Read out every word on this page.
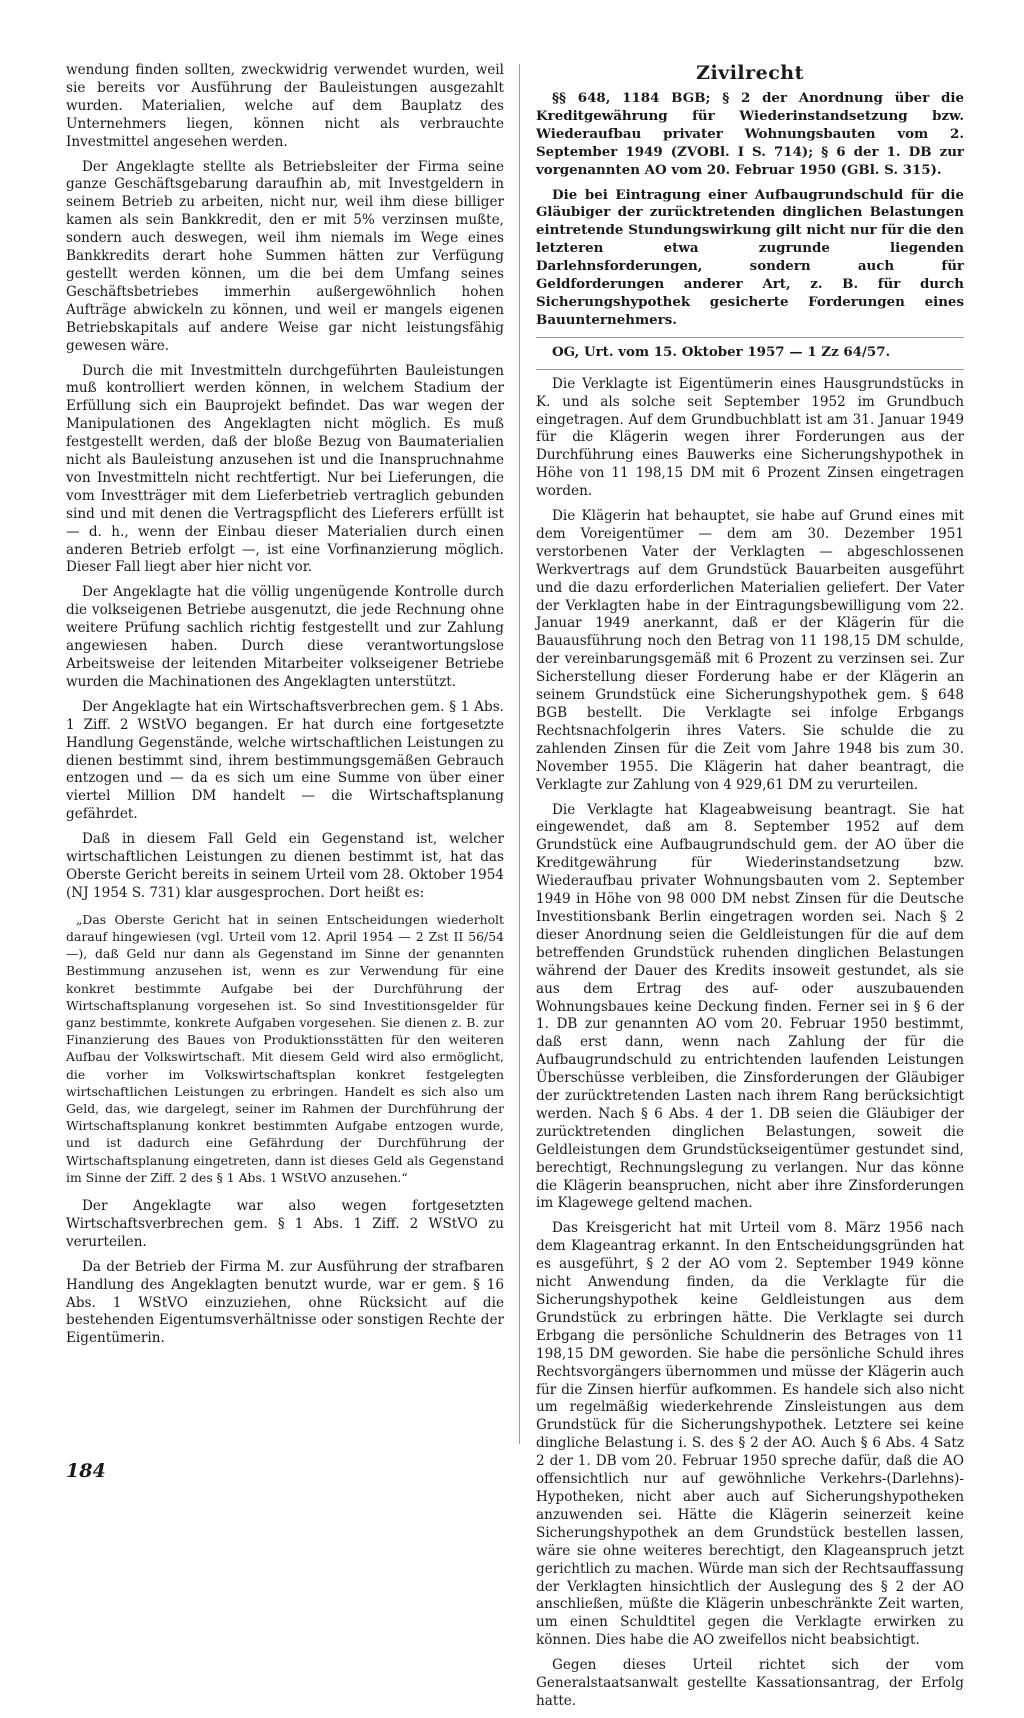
wendung finden sollten, zweckwidrig verwendet wurden, weil sie bereits vor Ausführung der Bauleistungen ausgezahlt wurden. Materialien, welche auf dem Bauplatz des Unternehmers liegen, können nicht als verbrauchte Investmittel angesehen werden.

Der Angeklagte stellte als Betriebsleiter der Firma seine ganze Geschäftsgebarung daraufhin ab, mit Investgeldern in seinem Betrieb zu arbeiten, nicht nur, weil ihm diese billiger kamen als sein Bankkredit, den er mit 5% verzinsen mußte, sondern auch deswegen, weil ihm niemals im Wege eines Bankkredits derart hohe Summen hätten zur Verfügung gestellt werden können, um die bei dem Umfang seines Geschäftsbetriebes immerhin außergewöhnlich hohen Aufträge abwickeln zu können, und weil er mangels eigenen Betriebskapitals auf andere Weise gar nicht leistungsfähig gewesen wäre.

Durch die mit Investmitteln durchgeführten Bauleistungen muß kontrolliert werden können, in welchem Stadium der Erfüllung sich ein Bauprojekt befindet. Das war wegen der Manipulationen des Angeklagten nicht möglich. Es muß festgestellt werden, daß der bloße Bezug von Baumaterialien nicht als Bauleistung anzusehen ist und die Inanspruchnahme von Investmitteln nicht rechtfertigt. Nur bei Lieferungen, die vom Investträger mit dem Lieferbetrieb vertraglich gebunden sind und mit denen die Vertragspflicht des Lieferers erfüllt ist — d. h., wenn der Einbau dieser Materialien durch einen anderen Betrieb erfolgt —, ist eine Vorfinanzierung möglich. Dieser Fall liegt aber hier nicht vor.

Der Angeklagte hat die völlig ungenügende Kontrolle durch die volkseigenen Betriebe ausgenutzt, die jede Rechnung ohne weitere Prüfung sachlich richtig festgestellt und zur Zahlung angewiesen haben. Durch diese verantwortungslose Arbeitsweise der leitenden Mitarbeiter volkseigener Betriebe wurden die Machinationen des Angeklagten unterstützt.

Der Angeklagte hat ein Wirtschaftsverbrechen gem. § 1 Abs. 1 Ziff. 2 WStVO begangen. Er hat durch eine fortgesetzte Handlung Gegenstände, welche wirtschaftlichen Leistungen zu dienen bestimmt sind, ihrem bestimmungsgemäßen Gebrauch entzogen und — da es sich um eine Summe von über einer viertel Million DM handelt — die Wirtschaftsplanung gefährdet.

Daß in diesem Fall Geld ein Gegenstand ist, welcher wirtschaftlichen Leistungen zu dienen bestimmt ist, hat das Oberste Gericht bereits in seinem Urteil vom 28. Oktober 1954 (NJ 1954 S. 731) klar ausgesprochen. Dort heißt es:

„Das Oberste Gericht hat in seinen Entscheidungen wiederholt darauf hingewiesen (vgl. Urteil vom 12. April 1954 — 2 Zst II 56/54 —), daß Geld nur dann als Gegenstand im Sinne der genannten Bestimmung anzusehen ist, wenn es zur Verwendung für eine konkret bestimmte Aufgabe bei der Durchführung der Wirtschaftsplanung vorgesehen ist. So sind Investitionsgelder für ganz bestimmte, konkrete Aufgaben vorgesehen. Sie dienen z. B. zur Finanzierung des Baues von Produktionsstätten für den weiteren Aufbau der Volkswirtschaft. Mit diesem Geld wird also ermöglicht, die vorher im Volkswirtschaftsplan konkret festgelegten wirtschaftlichen Leistungen zu erbringen. Handelt es sich also um Geld, das, wie dargelegt, seiner im Rahmen der Durchführung der Wirtschaftsplanung konkret bestimmten Aufgabe entzogen wurde, und ist dadurch eine Gefährdung der Durchführung der Wirtschaftsplanung eingetreten, dann ist dieses Geld als Gegenstand im Sinne der Ziff. 2 des § 1 Abs. 1 WStVO anzusehen.“

Der Angeklagte war also wegen fortgesetzten Wirtschaftsverbrechen gem. § 1 Abs. 1 Ziff. 2 WStVO zu verurteilen.

Da der Betrieb der Firma M. zur Ausführung der strafbaren Handlung des Angeklagten benutzt wurde, war er gem. § 16 Abs. 1 WStVO einzuziehen, ohne Rücksicht auf die bestehenden Eigentumsverhältnisse oder sonstigen Rechte der Eigentümerin.

Zivilrecht

§§ 648, 1184 BGB; § 2 der Anordnung über die Kreditgewährung für Wiederinstandsetzung bzw. Wiederaufbau privater Wohnungsbauten vom 2. September 1949 (ZVOBl. I S. 714); § 6 der 1. DB zur vorgenannten AO vom 20. Februar 1950 (GBl. S. 315).

Die bei Eintragung einer Aufbaugrundschuld für die Gläubiger der zurücktretenden dinglichen Belastungen eintretende Stundungswirkung gilt nicht nur für die den letzteren etwa zugrunde liegenden Darlehnsforderungen, sondern auch für Geldforderungen anderer Art, z. B. für durch Sicherungshypothek gesicherte Forderungen eines Bauunternehmers.

OG, Urt. vom 15. Oktober 1957 — 1 Zz 64/57.

Die Verklagte ist Eigentümerin eines Hausgrundstücks in K. und als solche seit September 1952 im Grundbuch eingetragen. Auf dem Grundbuchblatt ist am 31. Januar 1949 für die Klägerin wegen ihrer Forderungen aus der Durchführung eines Bauwerks eine Sicherungshypothek in Höhe von 11 198,15 DM mit 6 Prozent Zinsen eingetragen worden.

Die Klägerin hat behauptet, sie habe auf Grund eines mit dem Voreigentümer — dem am 30. Dezember 1951 verstorbenen Vater der Verklagten — abgeschlossenen Werkvertrags auf dem Grundstück Bauarbeiten ausgeführt und die dazu erforderlichen Materialien geliefert. Der Vater der Verklagten habe in der Eintragungsbewilligung vom 22. Januar 1949 anerkannt, daß er der Klägerin für die Bauausführung noch den Betrag von 11 198,15 DM schulde, der vereinbarungsgemäß mit 6 Prozent zu verzinsen sei. Zur Sicherstellung dieser Forderung habe er der Klägerin an seinem Grundstück eine Sicherungshypothek gem. § 648 BGB bestellt. Die Verklagte sei infolge Erbgangs Rechtsnachfolgerin ihres Vaters. Sie schulde die zu zahlenden Zinsen für die Zeit vom Jahre 1948 bis zum 30. November 1955. Die Klägerin hat daher beantragt, die Verklagte zur Zahlung von 4 929,61 DM zu verurteilen.

Die Verklagte hat Klageabweisung beantragt. Sie hat eingewendet, daß am 8. September 1952 auf dem Grundstück eine Aufbaugrundschuld gem. der AO über die Kreditgewährung für Wiederinstandsetzung bzw. Wiederaufbau privater Wohnungsbauten vom 2. September 1949 in Höhe von 98 000 DM nebst Zinsen für die Deutsche Investitionsbank Berlin eingetragen worden sei. Nach § 2 dieser Anordnung seien die Geldleistungen für die auf dem betreffenden Grundstück ruhenden dinglichen Belastungen während der Dauer des Kredits insoweit gestundet, als sie aus dem Ertrag des auf- oder auszubauenden Wohnungsbaues keine Deckung finden. Ferner sei in § 6 der 1. DB zur genannten AO vom 20. Februar 1950 bestimmt, daß erst dann, wenn nach Zahlung der für die Aufbaugrundschuld zu entrichtenden laufenden Leistungen Überschüsse verbleiben, die Zinsforderungen der Gläubiger der zurücktretenden Lasten nach ihrem Rang berücksichtigt werden. Nach § 6 Abs. 4 der 1. DB seien die Gläubiger der zurücktretenden dinglichen Belastungen, soweit die Geldleistungen dem Grundstückseigentümer gestundet sind, berechtigt, Rechnungslegung zu verlangen. Nur das könne die Klägerin beanspruchen, nicht aber ihre Zinsforderungen im Klagewege geltend machen.

Das Kreisgericht hat mit Urteil vom 8. März 1956 nach dem Klageantrag erkannt. In den Entscheidungsgründen hat es ausgeführt, § 2 der AO vom 2. September 1949 könne nicht Anwendung finden, da die Verklagte für die Sicherungshypothek keine Geldleistungen aus dem Grundstück zu erbringen hätte. Die Verklagte sei durch Erbgang die persönliche Schuldnerin des Betrages von 11 198,15 DM geworden. Sie habe die persönliche Schuld ihres Rechtsvorgängers übernommen und müsse der Klägerin auch für die Zinsen hierfür aufkommen. Es handele sich also nicht um regelmäßig wiederkehrende Zinsleistungen aus dem Grundstück für die Sicherungshypothek. Letztere sei keine dingliche Belastung i. S. des § 2 der AO. Auch § 6 Abs. 4 Satz 2 der 1. DB vom 20. Februar 1950 spreche dafür, daß die AO offensichtlich nur auf gewöhnliche Verkehrs-(Darlehns)-Hypotheken, nicht aber auch auf Sicherungshypotheken anzuwenden sei. Hätte die Klägerin seinerzeit keine Sicherungshypothek an dem Grundstück bestellen lassen, wäre sie ohne weiteres berechtigt, den Klageanspruch jetzt gerichtlich zu machen. Würde man sich der Rechtsauffassung der Verklagten hinsichtlich der Auslegung des § 2 der AO anschließen, müßte die Klägerin unbeschränkte Zeit warten, um einen Schuldtitel gegen die Verklagte erwirken zu können. Dies habe die AO zweifellos nicht beabsichtigt.

Gegen dieses Urteil richtet sich der vom Generalstaatsanwalt gestellte Kassationsantrag, der Erfolg hatte.

184
